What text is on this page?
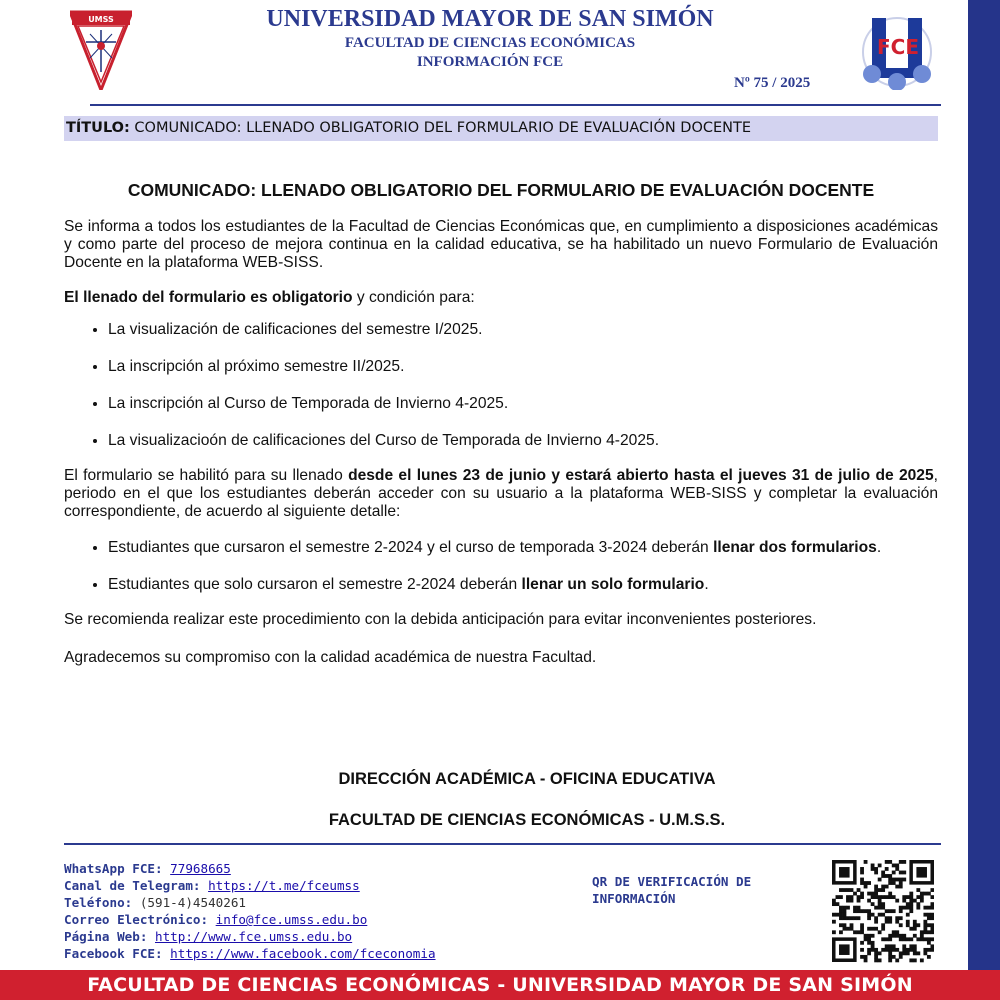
UMSS
FCE
UNIVERSIDAD MAYOR DE SAN SIMÓN
FACULTAD DE CIENCIAS ECONÓMICAS
INFORMACIÓN FCE
Nº 75 / 2025
TÍTULO: COMUNICADO: LLENADO OBLIGATORIO DEL FORMULARIO DE EVALUACIÓN DOCENTE
COMUNICADO: LLENADO OBLIGATORIO DEL FORMULARIO DE EVALUACIÓN DOCENTE

Se informa a todos los estudiantes de la Facultad de Ciencias Económicas que, en cumplimiento a disposiciones académicas y como parte del proceso de mejora continua en la calidad educativa, se ha habilitado un nuevo Formulario de Evaluación Docente en la plataforma WEB-SISS.

El llenado del formulario es obligatorio y condición para:

• La visualización de calificaciones del semestre I/2025.
• La inscripción al próximo semestre II/2025.
• La inscripción al Curso de Temporada de Invierno 4-2025.
• La visualizacioón de calificaciones del Curso de Temporada de Invierno 4-2025.

El formulario se habilitó para su llenado desde el lunes 23 de junio y estará abierto hasta el jueves 31 de julio de 2025, periodo en el que los estudiantes deberán acceder con su usuario a la plataforma WEB-SISS y completar la evaluación correspondiente, de acuerdo al siguiente detalle:

• Estudiantes que cursaron el semestre 2-2024 y el curso de temporada 3-2024 deberán llenar dos formularios.
• Estudiantes que solo cursaron el semestre 2-2024 deberán llenar un solo formulario.

Se recomienda realizar este procedimiento con la debida anticipación para evitar inconvenientes posteriores.

Agradecemos su compromiso con la calidad académica de nuestra Facultad.

DIRECCIÓN ACADÉMICA - OFICINA EDUCATIVA
FACULTAD DE CIENCIAS ECONÓMICAS - U.M.S.S.
WhatsApp FCE: 77968665
Canal de Telegram: https://t.me/fceumss
Teléfono: (591-4)4540261
Correo Electrónico: info@fce.umss.edu.bo
Página Web: http://www.fce.umss.edu.bo
Facebook FCE: https://www.facebook.com/fceconomia
QR DE VERIFICACIÓN DE INFORMACIÓN
FACULTAD DE CIENCIAS ECONÓMICAS - UNIVERSIDAD MAYOR DE SAN SIMÓN
